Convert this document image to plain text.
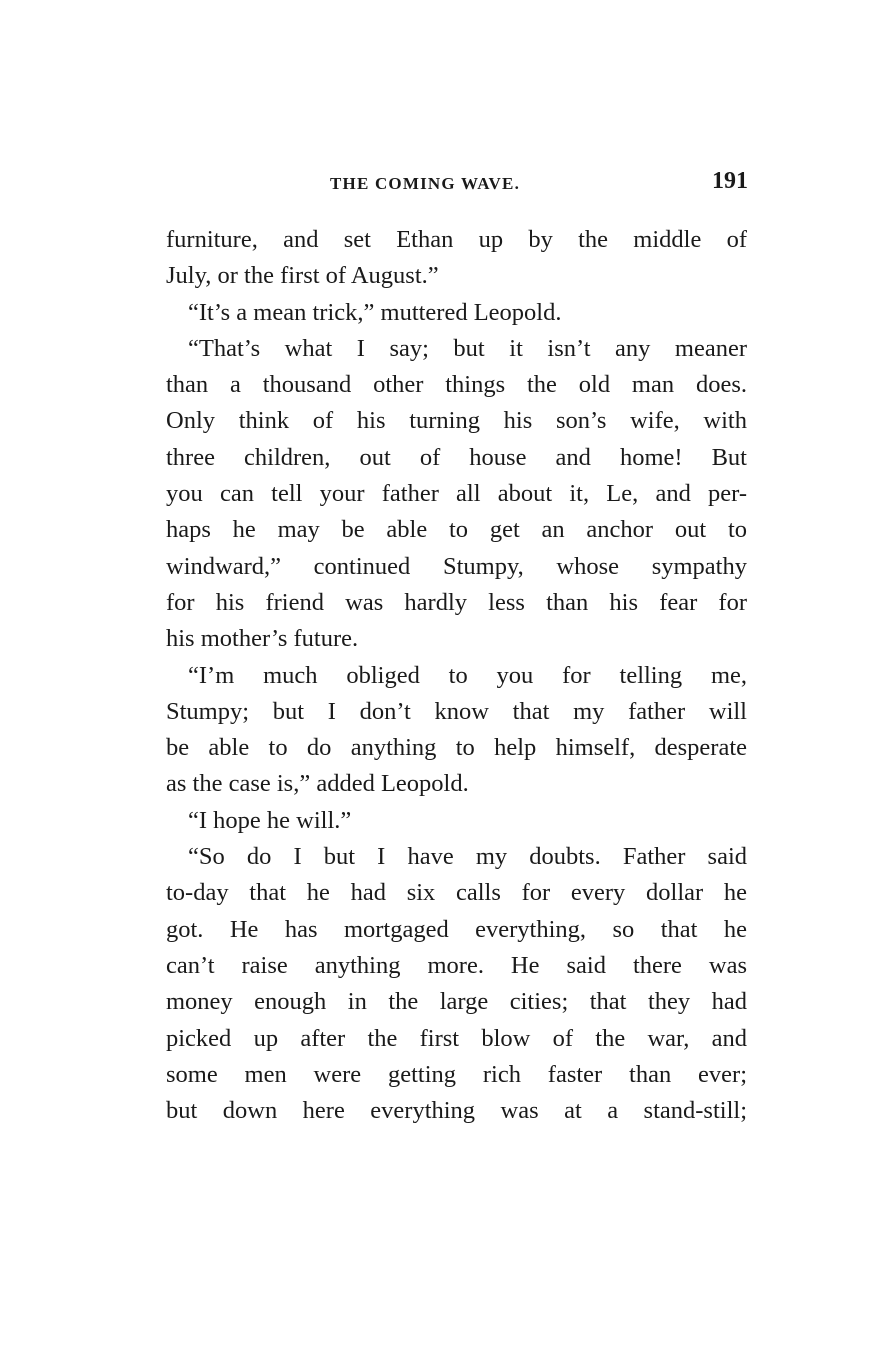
THE COMING WAVE.	191

furniture, and set Ethan up by the middle of

July, or the first of August.”

“It’s a mean trick,” muttered Leopold.

“That’s what I say; but it isn’t any meaner

than a thousand other things the old man does.

Only think of his turning his son’s wife, with

three children, out of house and home! But

you can tell your father all about it, Le, and per-

haps he may be able to get an anchor out to

windward,” continued Stumpy, whose sympathy

for his friend was hardly less than his fear for

his mother’s future.

“I’m much obliged to you for telling me,

Stumpy; but I don’t know that my father will

be able to do anything to help himself, desperate

as the case is,” added Leopold.

“I hope he will.”

“So do I but I have my doubts. Father said

to-day that he had six calls for every dollar he

got. He has mortgaged everything, so that he

can’t raise anything more. He said there was

money enough in the large cities; that they had

picked up after the first blow of the war, and

some men were getting rich faster than ever;

but down here everything was at a stand-still;
